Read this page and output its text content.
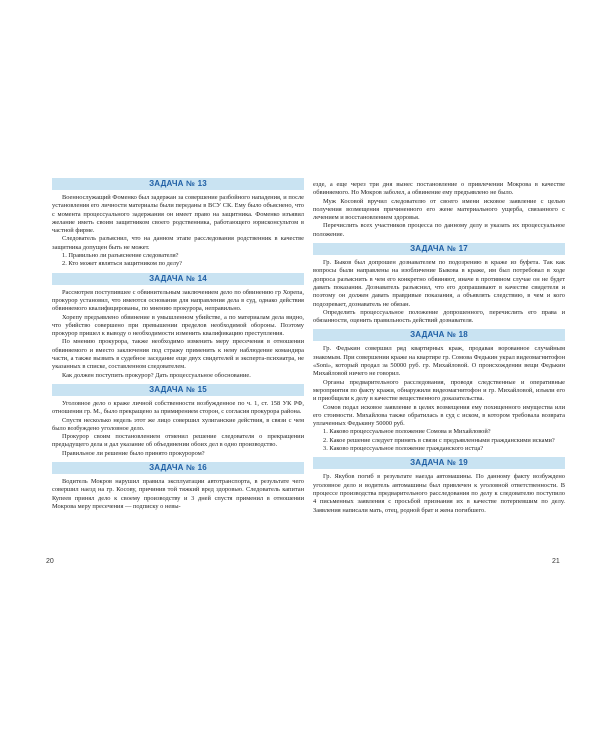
ЗАДАЧА № 13

Военнослужащий Фоменко был задержан за совершение разбойного нападения, и после установления его личности материалы были переданы в ВСУ СК. Ему было объяснено, что с момента процессуального задержания он имеет право на защитника. Фоменко изъявил желание иметь своим защитником своего родственника, работающего юрисконсультом в частной фирме.

Следователь разъяснил, что на данном этапе расследования родственник в качестве защитника допущен быть не может.

1. Правильно ли разъяснение следователя?
2. Кто может являться защитником по делу?
ЗАДАЧА № 14

Рассмотрев поступившее с обвинительным заключением дело по обвинению гр Хорепа, прокурор установил, что имеются основания для направления дела в суд, однако действия обвиняемого квалифицированы, по мнению прокурора, неправильно.

Хорепу предъявлено обвинение в умышленном убийстве, а по материалам дела видно, что убийство совершено при превышении пределов необходимой обороны. Поэтому прокурор пришел к выводу о необходимости изменить квалификацию преступления.

По мнению прокурора, также необходимо изменить меру пресечения в отношении обвиняемого и вместо заключения под стражу применить к нему наблюдение командира части, а также вызвать в судебное заседание еще двух свидетелей и эксперта-психиатра, не указанных в списке, составленном следователем.

Как должен поступить прокурор? Дать процессуальное обоснование.

ЗАДАЧА № 15

Уголовное дело о краже личной собственности возбужденное по ч. 1, ст. 158 УК РФ, отношении гр. М., было прекращено за примирением сторон, с согласия прокурора района.

Спустя несколько недель этот же лицо совершил хулиганские действия, в связи с чем было возбуждено уголовное дело.

Прокурор своим постановлением отменил решение следователя о прекращении предыдущего дела и дал указание об объединении обоих дел в одно производство.

Правильное ли решение было принято прокурором?

ЗАДАЧА № 16

Водитель Мокров нарушил правила эксплуатации автотранспорта, в результате чего совершил наезд на гр. Косову, причинив той тяжкий вред здоровью. Следователь капитан Купеев принял дело к своему производству и 3 дней спустя применил в отношении Мокрова меру пресечения — подписку о невы-

езде, а еще через три дня вынес постановление о привлечении Мокрова в качестве обвиняемого. Но Мокров заболел, а обвинение ему предъявлено не было.

Муж Косовой вручил следователю от своего имени исковое заявление с целью получения возмещения причиненного его жене материального ущерба, связанного с лечением и восстановлением здоровья.

Перечислить всех участников процесса по данному делу и указать их процессуальное положение.

ЗАДАЧА № 17

Гр. Быков был допрошен дознавателем по подозрению в краже из буфета. Так как вопросы были направлены на изобличение Быкова в краже, им был потребовал в ходе допроса разъяснить в чем его конкретно обвиняют, иначе в противном случае он не будет давать показания. Дознаватель разъяснил, что его допрашивают в качестве свидетеля и поэтому он должен давать правдивые показания, а объявлять следствию, в чем и кого подозревает, дознаватель не обязан.

Определить процессуальное положение допрошенного, перечислить его права и обязанности, оценить правильность действий дознавателя.

ЗАДАЧА № 18

Гр. Федькин совершил ряд квартирных краж, продавая ворованное случайным знакомым. При совершении краже на квартире гр. Сомова Федькин украл видеомагнитофон «Soni», который продал за 50000 руб. гр. Михайловой. О происхождении вещи Федькин Михайловой ничего не говорил.

Органы предварительного расследования, проводя следственные и оперативные мероприятия по факту кражи, обнаружили видеомагнитофон и гр. Михайловой, изъяли его и приобщили к делу в качестве вещественного доказательства.

Сомов подал исковое заявление в целях возмещения ему похищенного имущества или его стоимости. Михайлова также обратилась в суд с иском, в котором требовала возврата уплаченных Федькину 50000 руб.

1. Каково процессуальное положение Сомова и Михайловой?
2. Какое решение следует принять в связи с предъявленными гражданскими исками?
3. Каково процессуальное положение гражданского истца?
ЗАДАЧА № 19

Гр. Якубов погиб в результате наезда автомашины. По данному факту возбуждено уголовное дело и водитель автомашины был привлечен к уголовной ответственности. В процессе производства предварительного расследования по делу к следователю поступило 4 письменных заявления с просьбой признания их в качестве потерпевшим по делу. Заявления написали мать, отец, родной брат и жена погибшего.

20	21
